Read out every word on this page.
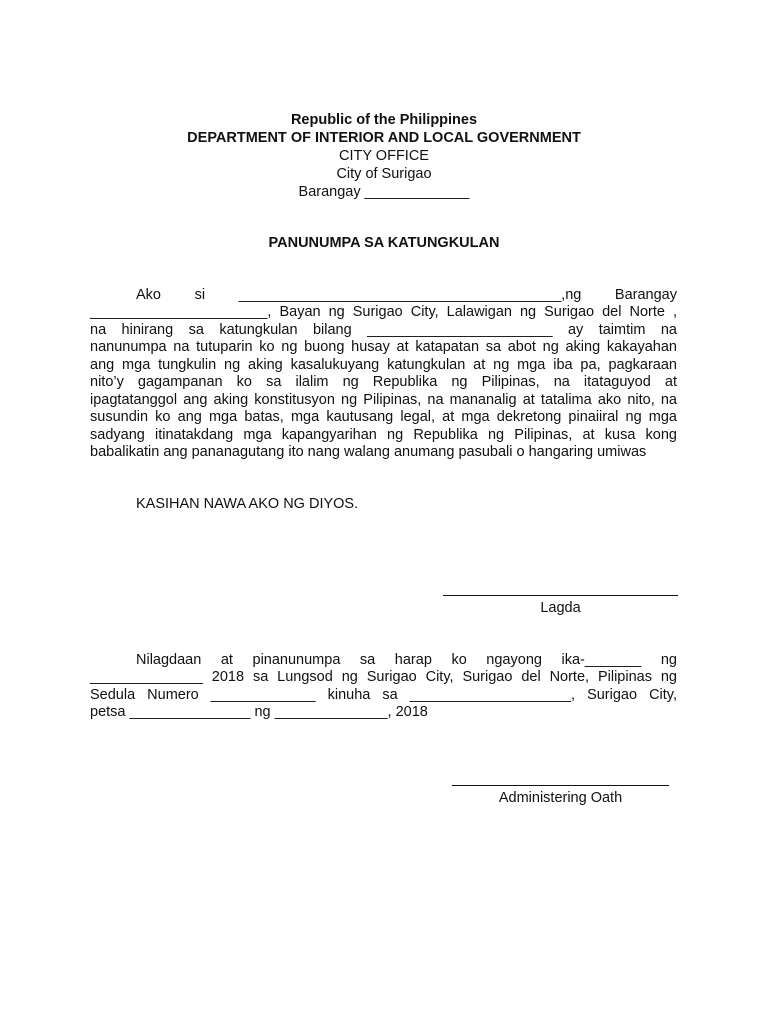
Republic of the Philippines
DEPARTMENT OF INTERIOR AND LOCAL GOVERNMENT
CITY OFFICE
City of Surigao
Barangay _____________
PANUNUMPA SA KATUNGKULAN
Ako si ________________________________________,ng Barangay
______________________, Bayan ng Surigao City, Lalawigan ng Surigao del Norte ,
na hinirang sa katungkulan bilang _______________________ ay taimtim na
nanunumpa na tutuparin ko ng buong husay at katapatan sa abot ng aking kakayahan
ang mga tungkulin ng aking kasalukuyang katungkulan at ng mga iba pa, pagkaraan
nito’y gagampanan ko sa ilalim ng Republika ng Pilipinas, na itataguyod at
ipagtatanggol ang aking konstitusyon ng Pilipinas, na mananalig at tatalima ako nito, na
susundin ko ang mga batas, mga kautusang legal, at mga dekretong pinaiiral ng mga
sadyang itinatakdang mga kapangyarihan ng Republika ng Pilipinas, at kusa kong
babalikatin ang pananagutang ito nang walang anumang pasubali o hangaring umiwas
KASIHAN NAWA AKO NG DIYOS.
Lagda
Nilagdaan at pinanunumpa sa harap ko ngayong ika-_______ ng
______________ 2018 sa Lungsod ng Surigao City, Surigao del Norte, Pilipinas ng
Sedula Numero _____________ kinuha sa ____________________, Surigao City,
petsa _______________ ng ______________, 2018
Administering Oath
